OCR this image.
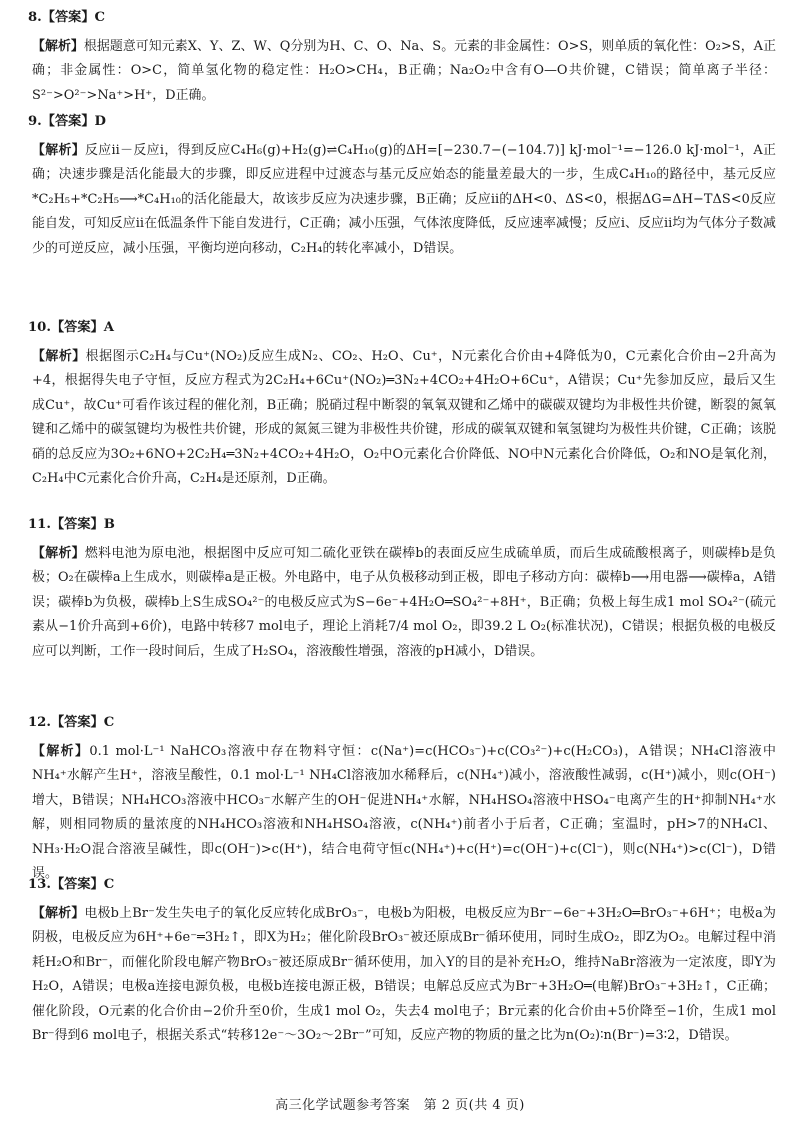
8.【答案】C

【解析】根据题意可知元素X、Y、Z、W、Q分别为H、C、O、Na、S。元素的非金属性：O>S，则单质的氧化性：O₂>S，A正确；非金属性：O>C，简单氢化物的稳定性：H₂O>CH₄，B正确；Na₂O₂中含有O—O共价键，C错误；简单离子半径：S²⁻>O²⁻>Na⁺>H⁺，D正确。

9.【答案】D

【解析】反应ⅱ－反应ⅰ，得到反应C₄H₆(g)+H₂(g)⇌C₄H₁₀(g)的ΔH=[−230.7−(−104.7)] kJ·mol⁻¹=−126.0 kJ·mol⁻¹，A正确；决速步骤是活化能最大的步骤，即反应进程中过渡态与基元反应始态的能量差最大的一步，生成C₄H₁₀的路径中，基元反应*C₂H₅+*C₂H₅⟶*C₄H₁₀的活化能最大，故该步反应为决速步骤，B正确；反应ⅱ的ΔH<0、ΔS<0，根据ΔG=ΔH−TΔS<0反应能自发，可知反应ⅱ在低温条件下能自发进行，C正确；减小压强，气体浓度降低，反应速率减慢；反应ⅰ、反应ⅱ均为气体分子数减少的可逆反应，减小压强，平衡均逆向移动，C₂H₄的转化率减小，D错误。

10.【答案】A

【解析】根据图示C₂H₄与Cu⁺(NO₂)反应生成N₂、CO₂、H₂O、Cu⁺，N元素化合价由+4降低为0，C元素化合价由−2升高为+4，根据得失电子守恒，反应方程式为2C₂H₄+6Cu⁺(NO₂)═3N₂+4CO₂+4H₂O+6Cu⁺，A错误；Cu⁺先参加反应，最后又生成Cu⁺，故Cu⁺可看作该过程的催化剂，B正确；脱硝过程中断裂的氧氧双键和乙烯中的碳碳双键均为非极性共价键，断裂的氮氧键和乙烯中的碳氢键均为极性共价键，形成的氮氮三键为非极性共价键，形成的碳氧双键和氧氢键均为极性共价键，C正确；该脱硝的总反应为3O₂+6NO+2C₂H₄═3N₂+4CO₂+4H₂O，O₂中O元素化合价降低、NO中N元素化合价降低，O₂和NO是氧化剂，C₂H₄中C元素化合价升高，C₂H₄是还原剂，D正确。

11.【答案】B

【解析】燃料电池为原电池，根据图中反应可知二硫化亚铁在碳棒b的表面反应生成硫单质，而后生成硫酸根离子，则碳棒b是负极；O₂在碳棒a上生成水，则碳棒a是正极。外电路中，电子从负极移动到正极，即电子移动方向：碳棒b⟶用电器⟶碳棒a，A错误；碳棒b为负极，碳棒b上S生成SO₄²⁻的电极反应式为S−6e⁻+4H₂O═SO₄²⁻+8H⁺，B正确；负极上每生成1 mol SO₄²⁻(硫元素从−1价升高到+6价)，电路中转移7 mol电子，理论上消耗7/4 mol O₂，即39.2 L O₂(标准状况)，C错误；根据负极的电极反应可以判断，工作一段时间后，生成了H₂SO₄，溶液酸性增强，溶液的pH减小，D错误。

12.【答案】C

【解析】0.1 mol·L⁻¹ NaHCO₃溶液中存在物料守恒：c(Na⁺)=c(HCO₃⁻)+c(CO₃²⁻)+c(H₂CO₃)，A错误；NH₄Cl溶液中NH₄⁺水解产生H⁺，溶液呈酸性，0.1 mol·L⁻¹ NH₄Cl溶液加水稀释后，c(NH₄⁺)减小，溶液酸性减弱，c(H⁺)减小，则c(OH⁻)增大，B错误；NH₄HCO₃溶液中HCO₃⁻水解产生的OH⁻促进NH₄⁺水解，NH₄HSO₄溶液中HSO₄⁻电离产生的H⁺抑制NH₄⁺水解，则相同物质的量浓度的NH₄HCO₃溶液和NH₄HSO₄溶液，c(NH₄⁺)前者小于后者，C正确；室温时，pH>7的NH₄Cl、NH₃·H₂O混合溶液呈碱性，即c(OH⁻)>c(H⁺)，结合电荷守恒c(NH₄⁺)+c(H⁺)=c(OH⁻)+c(Cl⁻)，则c(NH₄⁺)>c(Cl⁻)，D错误。

13.【答案】C

【解析】电极b上Br⁻发生失电子的氧化反应转化成BrO₃⁻，电极b为阳极，电极反应为Br⁻−6e⁻+3H₂O═BrO₃⁻+6H⁺；电极a为阴极，电极反应为6H⁺+6e⁻═3H₂↑，即X为H₂；催化阶段BrO₃⁻被还原成Br⁻循环使用，同时生成O₂，即Z为O₂。电解过程中消耗H₂O和Br⁻，而催化阶段电解产物BrO₃⁻被还原成Br⁻循环使用，加入Y的目的是补充H₂O，维持NaBr溶液为一定浓度，即Y为H₂O，A错误；电极a连接电源负极，电极b连接电源正极，B错误；电解总反应式为Br⁻+3H₂O═(电解)BrO₃⁻+3H₂↑，C正确；催化阶段，O元素的化合价由−2价升至0价，生成1 mol O₂，失去4 mol电子；Br元素的化合价由+5价降至−1价，生成1 mol Br⁻得到6 mol电子，根据关系式“转移12e⁻～3O₂～2Br⁻”可知，反应产物的物质的量之比为n(O₂)∶n(Br⁻)=3∶2，D错误。

高三化学试题参考答案　第 2 页(共 4 页)
